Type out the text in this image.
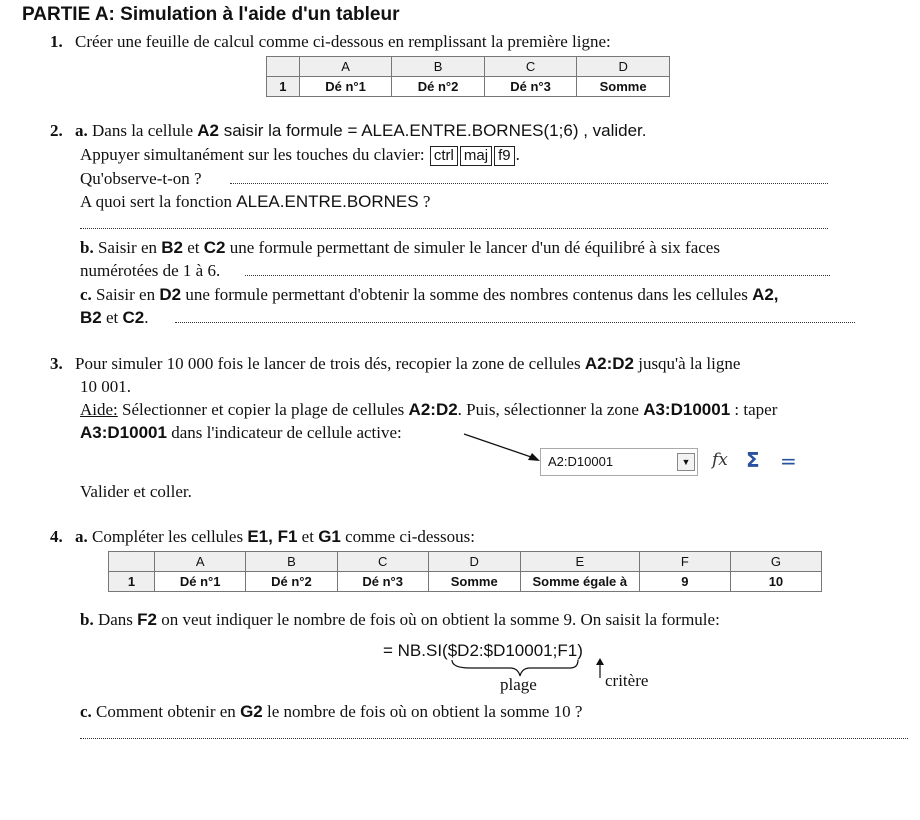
PARTIE A: Simulation à l'aide d'un tableur
1. Créer une feuille de calcul comme ci-dessous en remplissant la première ligne:
	A	B	C	D
1	Dé n°1	Dé n°2	Dé n°3	Somme
2. a. Dans la cellule A2 saisir la formule = ALEA.ENTRE.BORNES(1;6) , valider.
Appuyer simultanément sur les touches du clavier: ctrl maj f9 .
Qu'observe-t-on ?
A quoi sert la fonction ALEA.ENTRE.BORNES ?
b. Saisir en B2 et C2 une formule permettant de simuler le lancer d'un dé équilibré à six faces
numérotées de 1 à 6.
c. Saisir en D2 une formule permettant d'obtenir la somme des nombres contenus dans les cellules A2,
B2 et C2.
3. Pour simuler 10 000 fois le lancer de trois dés, recopier la zone de cellules A2:D2 jusqu'à la ligne
10 001.
Aide: Sélectionner et copier la plage de cellules A2:D2. Puis, sélectionner la zone A3:D10001 : taper
A3:D10001 dans l'indicateur de cellule active:
A2:D10001	▼ 𝑓x Σ =
Valider et coller.
4. a. Compléter les cellules E1, F1 et G1 comme ci-dessous:
	A	B	C	D	E	F	G
1	Dé n°1	Dé n°2	Dé n°3	Somme	Somme égale à	9	10
b. Dans F2 on veut indiquer le nombre de fois où on obtient la somme 9. On saisit la formule:
= NB.SI($D2:$D10001;F1)
plage	critère
c. Comment obtenir en G2 le nombre de fois où on obtient la somme 10 ?
